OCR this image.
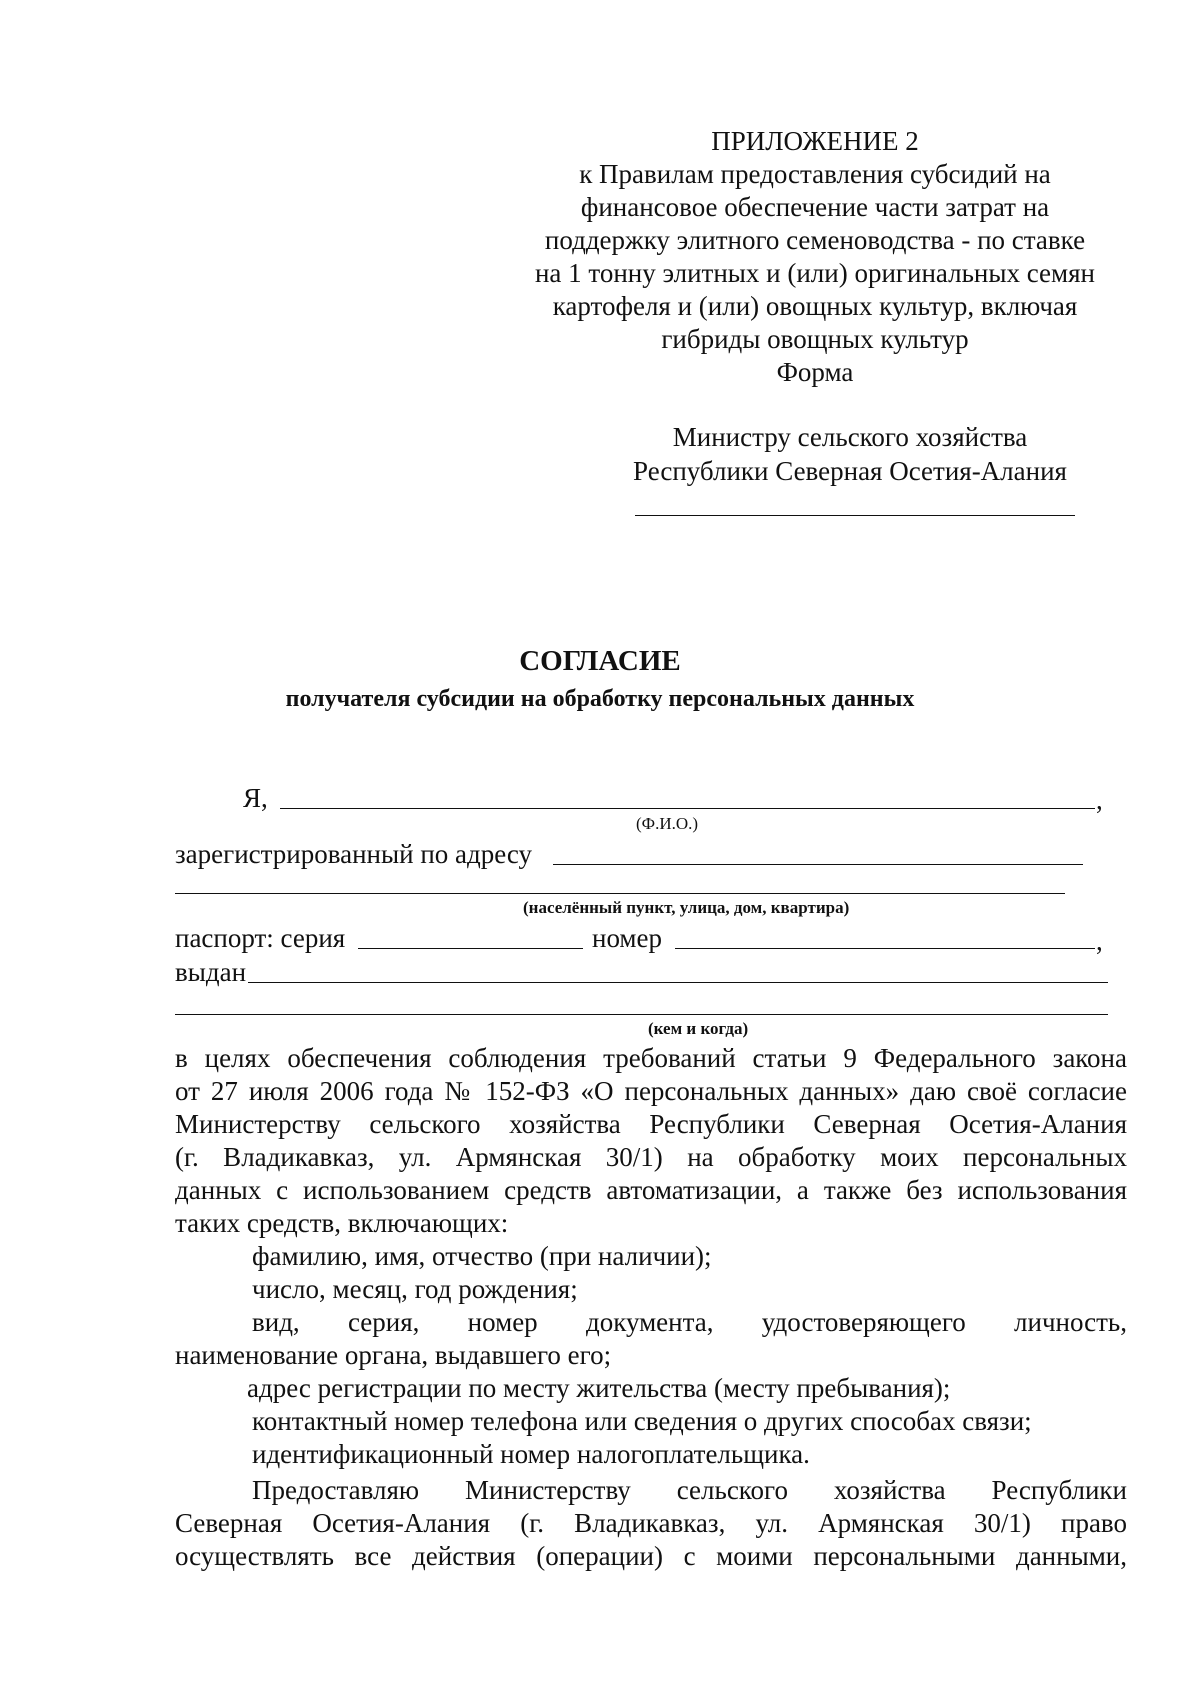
ПРИЛОЖЕНИЕ 2
к Правилам предоставления субсидий на
финансовое обеспечение части затрат на
поддержку элитного семеноводства - по ставке
на 1 тонну элитных и (или) оригинальных семян
картофеля и (или) овощных культур, включая
гибриды овощных культур
Форма
Министру сельского хозяйства
Республики Северная Осетия-Алания
СОГЛАСИЕ
получателя субсидии на обработку персональных данных
Я,	,
(Ф.И.О.)
зарегистрированный по адресу
(населённый пункт, улица, дом, квартира)
паспорт: серия	номер	,
выдан
(кем и когда)
в целях обеспечения соблюдения требований статьи 9 Федерального закона
от 27 июля 2006 года № 152-ФЗ «О персональных данных» даю своё согласие
Министерству сельского хозяйства Республики Северная Осетия-Алания
(г. Владикавказ, ул. Армянская 30/1) на обработку моих персональных
данных с использованием средств автоматизации, а также без использования
таких средств, включающих:
фамилию, имя, отчество (при наличии);
число, месяц, год рождения;
вид, серия, номер документа, удостоверяющего личность,
наименование органа, выдавшего его;
адрес регистрации по месту жительства (месту пребывания);
контактный номер телефона или сведения о других способах связи;
идентификационный номер налогоплательщика.
Предоставляю Министерству сельского хозяйства Республики
Северная Осетия-Алания (г. Владикавказ, ул. Армянская 30/1) право
осуществлять все действия (операции) с моими персональными данными,
